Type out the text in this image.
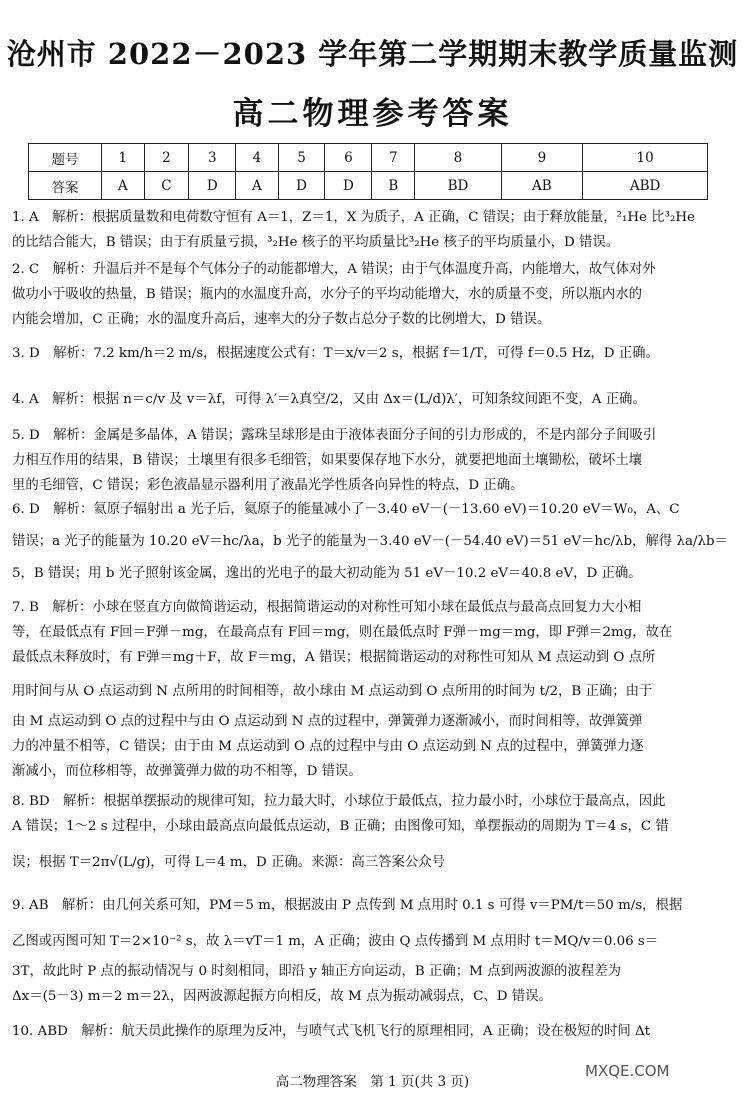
沧州市 2022－2023 学年第二学期期末教学质量监测
高二物理参考答案
题号	1	2	3	4	5	6	7	8	9	10
答案	A	C	D	A	D	D	B	BD	AB	ABD
1. A　解析：根据质量数和电荷数守恒有 A＝1，Z＝1，X 为质子，A 正确，C 错误；由于释放能量，²₁He 比³₂He
的比结合能大，B 错误；由于有质量亏损，³₂He 核子的平均质量比³₂He 核子的平均质量小，D 错误。
2. C　解析：升温后并不是每个气体分子的动能都增大，A 错误；由于气体温度升高，内能增大，故气体对外
做功小于吸收的热量，B 错误；瓶内的水温度升高，水分子的平均动能增大，水的质量不变，所以瓶内水的
内能会增加，C 正确；水的温度升高后，速率大的分子数占总分子数的比例增大，D 错误。
3. D　解析：7.2 km/h＝2 m/s，根据速度公式有：T＝x/v＝2 s，根据 f＝1/T，可得 f＝0.5 Hz，D 正确。
4. A　解析：根据 n＝c/v 及 v＝λf，可得 λ′＝λ真空/2，又由 Δx＝(L/d)λ′，可知条纹间距不变，A 正确。
5. D　解析：金属是多晶体，A 错误；露珠呈球形是由于液体表面分子间的引力形成的，不是内部分子间吸引
力相互作用的结果，B 错误；土壤里有很多毛细管，如果要保存地下水分，就要把地面土壤锄松，破坏土壤
里的毛细管，C 错误；彩色液晶显示器利用了液晶光学性质各向异性的特点，D 正确。
6. D　解析：氦原子辐射出 a 光子后，氦原子的能量减小了－3.40 eV－(－13.60 eV)＝10.20 eV＝W₀，A、C
错误；a 光子的能量为 10.20 eV＝hc/λa，b 光子的能量为－3.40 eV－(－54.40 eV)＝51 eV＝hc/λb，解得 λa/λb＝
5，B 错误；用 b 光子照射该金属，逸出的光电子的最大初动能为 51 eV－10.2 eV＝40.8 eV，D 正确。
7. B　解析：小球在竖直方向做简谐运动，根据简谐运动的对称性可知小球在最低点与最高点回复力大小相
等，在最低点有 F回＝F弹－mg，在最高点有 F回＝mg，则在最低点时 F弹－mg＝mg，即 F弹＝2mg，故在
最低点未释放时，有 F弹＝mg＋F，故 F＝mg，A 错误；根据简谐运动的对称性可知从 M 点运动到 O 点所
用时间与从 O 点运动到 N 点所用的时间相等，故小球由 M 点运动到 O 点所用的时间为 t/2，B 正确；由于
由 M 点运动到 O 点的过程中与由 O 点运动到 N 点的过程中，弹簧弹力逐渐减小，而时间相等，故弹簧弹
力的冲量不相等，C 错误；由于由 M 点运动到 O 点的过程中与由 O 点运动到 N 点的过程中，弹簧弹力逐
渐减小，而位移相等，故弹簧弹力做的功不相等，D 错误。
8. BD　解析：根据单摆振动的规律可知，拉力最大时，小球位于最低点，拉力最小时，小球位于最高点，因此
A 错误；1～2 s 过程中，小球由最高点向最低点运动，B 正确；由图像可知，单摆振动的周期为 T＝4 s，C 错
误；根据 T＝2π√(L/g)，可得 L＝4 m，D 正确。来源：高三答案公众号
9. AB　解析：由几何关系可知，PM＝5 m，根据波由 P 点传到 M 点用时 0.1 s 可得 v＝PM/t＝50 m/s，根据
乙图或丙图可知 T＝2×10⁻² s，故 λ＝vT＝1 m，A 正确；波由 Q 点传播到 M 点用时 t＝MQ/v＝0.06 s＝
3T，故此时 P 点的振动情况与 0 时刻相同，即沿 y 轴正方向运动，B 正确；M 点到两波源的波程差为
Δx＝(5－3) m＝2 m＝2λ，因两波源起振方向相反，故 M 点为振动减弱点，C、D 错误。
10. ABD　解析：航天员此操作的原理为反冲，与喷气式飞机飞行的原理相同，A 正确；设在极短的时间 Δt
高二物理答案　第 1 页(共 3 页)
MXQE.COM
